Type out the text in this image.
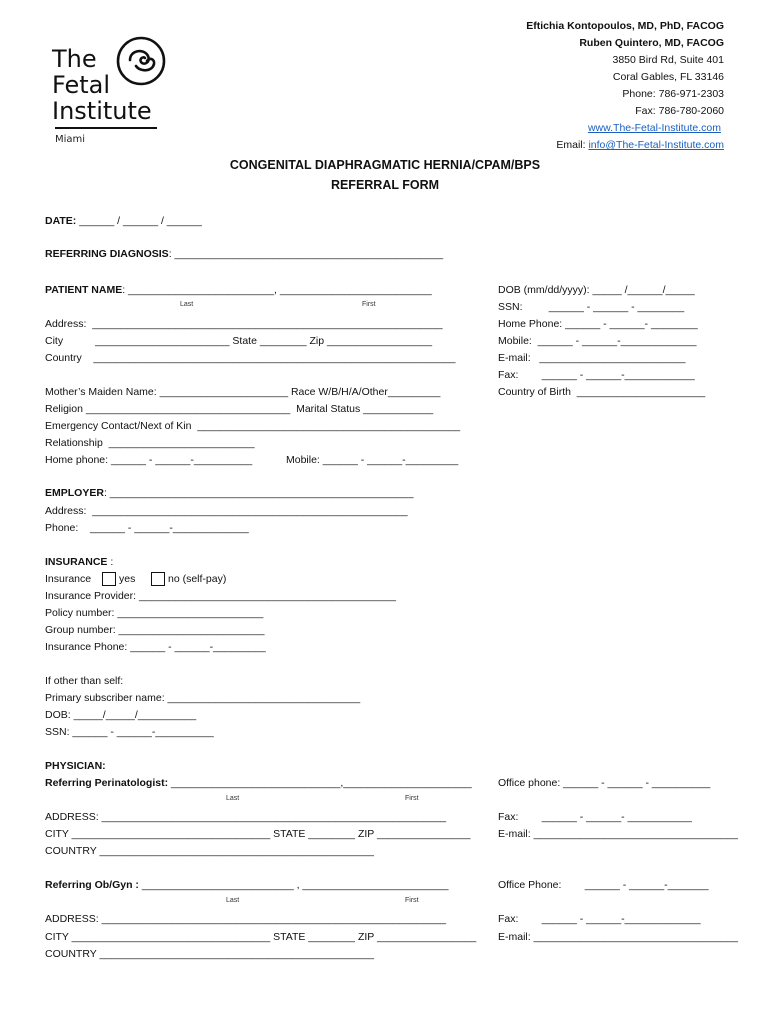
The
Fetal
Institute
Miami
Eftichia Kontopoulos, MD, PhD, FACOG
Ruben Quintero, MD, FACOG
3850 Bird Rd, Suite 401
Coral Gables, FL 33146
Phone: 786-971-2303
Fax: 786-780-2060
www.The-Fetal-Institute.com
Email: info@The-Fetal-Institute.com
CONGENITAL DIAPHRAGMATIC HERNIA/CPAM/BPS
REFERRAL FORM
DATE: ______ / ______ / ______
REFERRING DIAGNOSIS: ______________________________________________
PATIENT NAME: _________________________, __________________________
Last	First
Address:  ____________________________________________________________
City           _______________________ State ________ Zip __________________
Country    ______________________________________________________________
Mother’s Maiden Name: ______________________ Race W/B/H/A/Other_________
Religion ___________________________________  Marital Status ____________
Emergency Contact/Next of Kin  _____________________________________________
Relationship  _________________________
Home phone: ______ - ______-__________	Mobile: ______ - ______-_________
DOB (mm/dd/yyyy): _____ /______/_____
SSN:         ______ - ______ - ________
Home Phone: ______ - ______- ________
Mobile:  ______ - ______-_____________
E-mail:   _________________________
Fax:        ______ - ______-____________
Country of Birth  ______________________
EMPLOYER: ____________________________________________________
Address:  ______________________________________________________
Phone:    ______ - ______-_____________
INSURANCE :
Insurance	yes	no (self-pay)
Insurance Provider: ____________________________________________
Policy number: _________________________
Group number: _________________________
Insurance Phone: ______ - ______-_________
If other than self:
Primary subscriber name: _________________________________
DOB: _____/_____/__________
SSN: ______ - ______-__________
PHYSICIAN:
Referring Perinatologist: _____________________________,______________________
Last	First
Office phone: ______ - ______ - __________
ADDRESS: ___________________________________________________________	Fax:        ______ - ______- ___________
CITY __________________________________ STATE ________ ZIP ________________	E-mail: ___________________________________
COUNTRY _______________________________________________
Referring Ob/Gyn : __________________________ , _________________________
Last	First
Office Phone:        ______ - ______-_______
ADDRESS: ___________________________________________________________	Fax:        ______ - ______-_____________
CITY __________________________________ STATE ________ ZIP _________________ E-mail: ___________________________________
COUNTRY _______________________________________________
